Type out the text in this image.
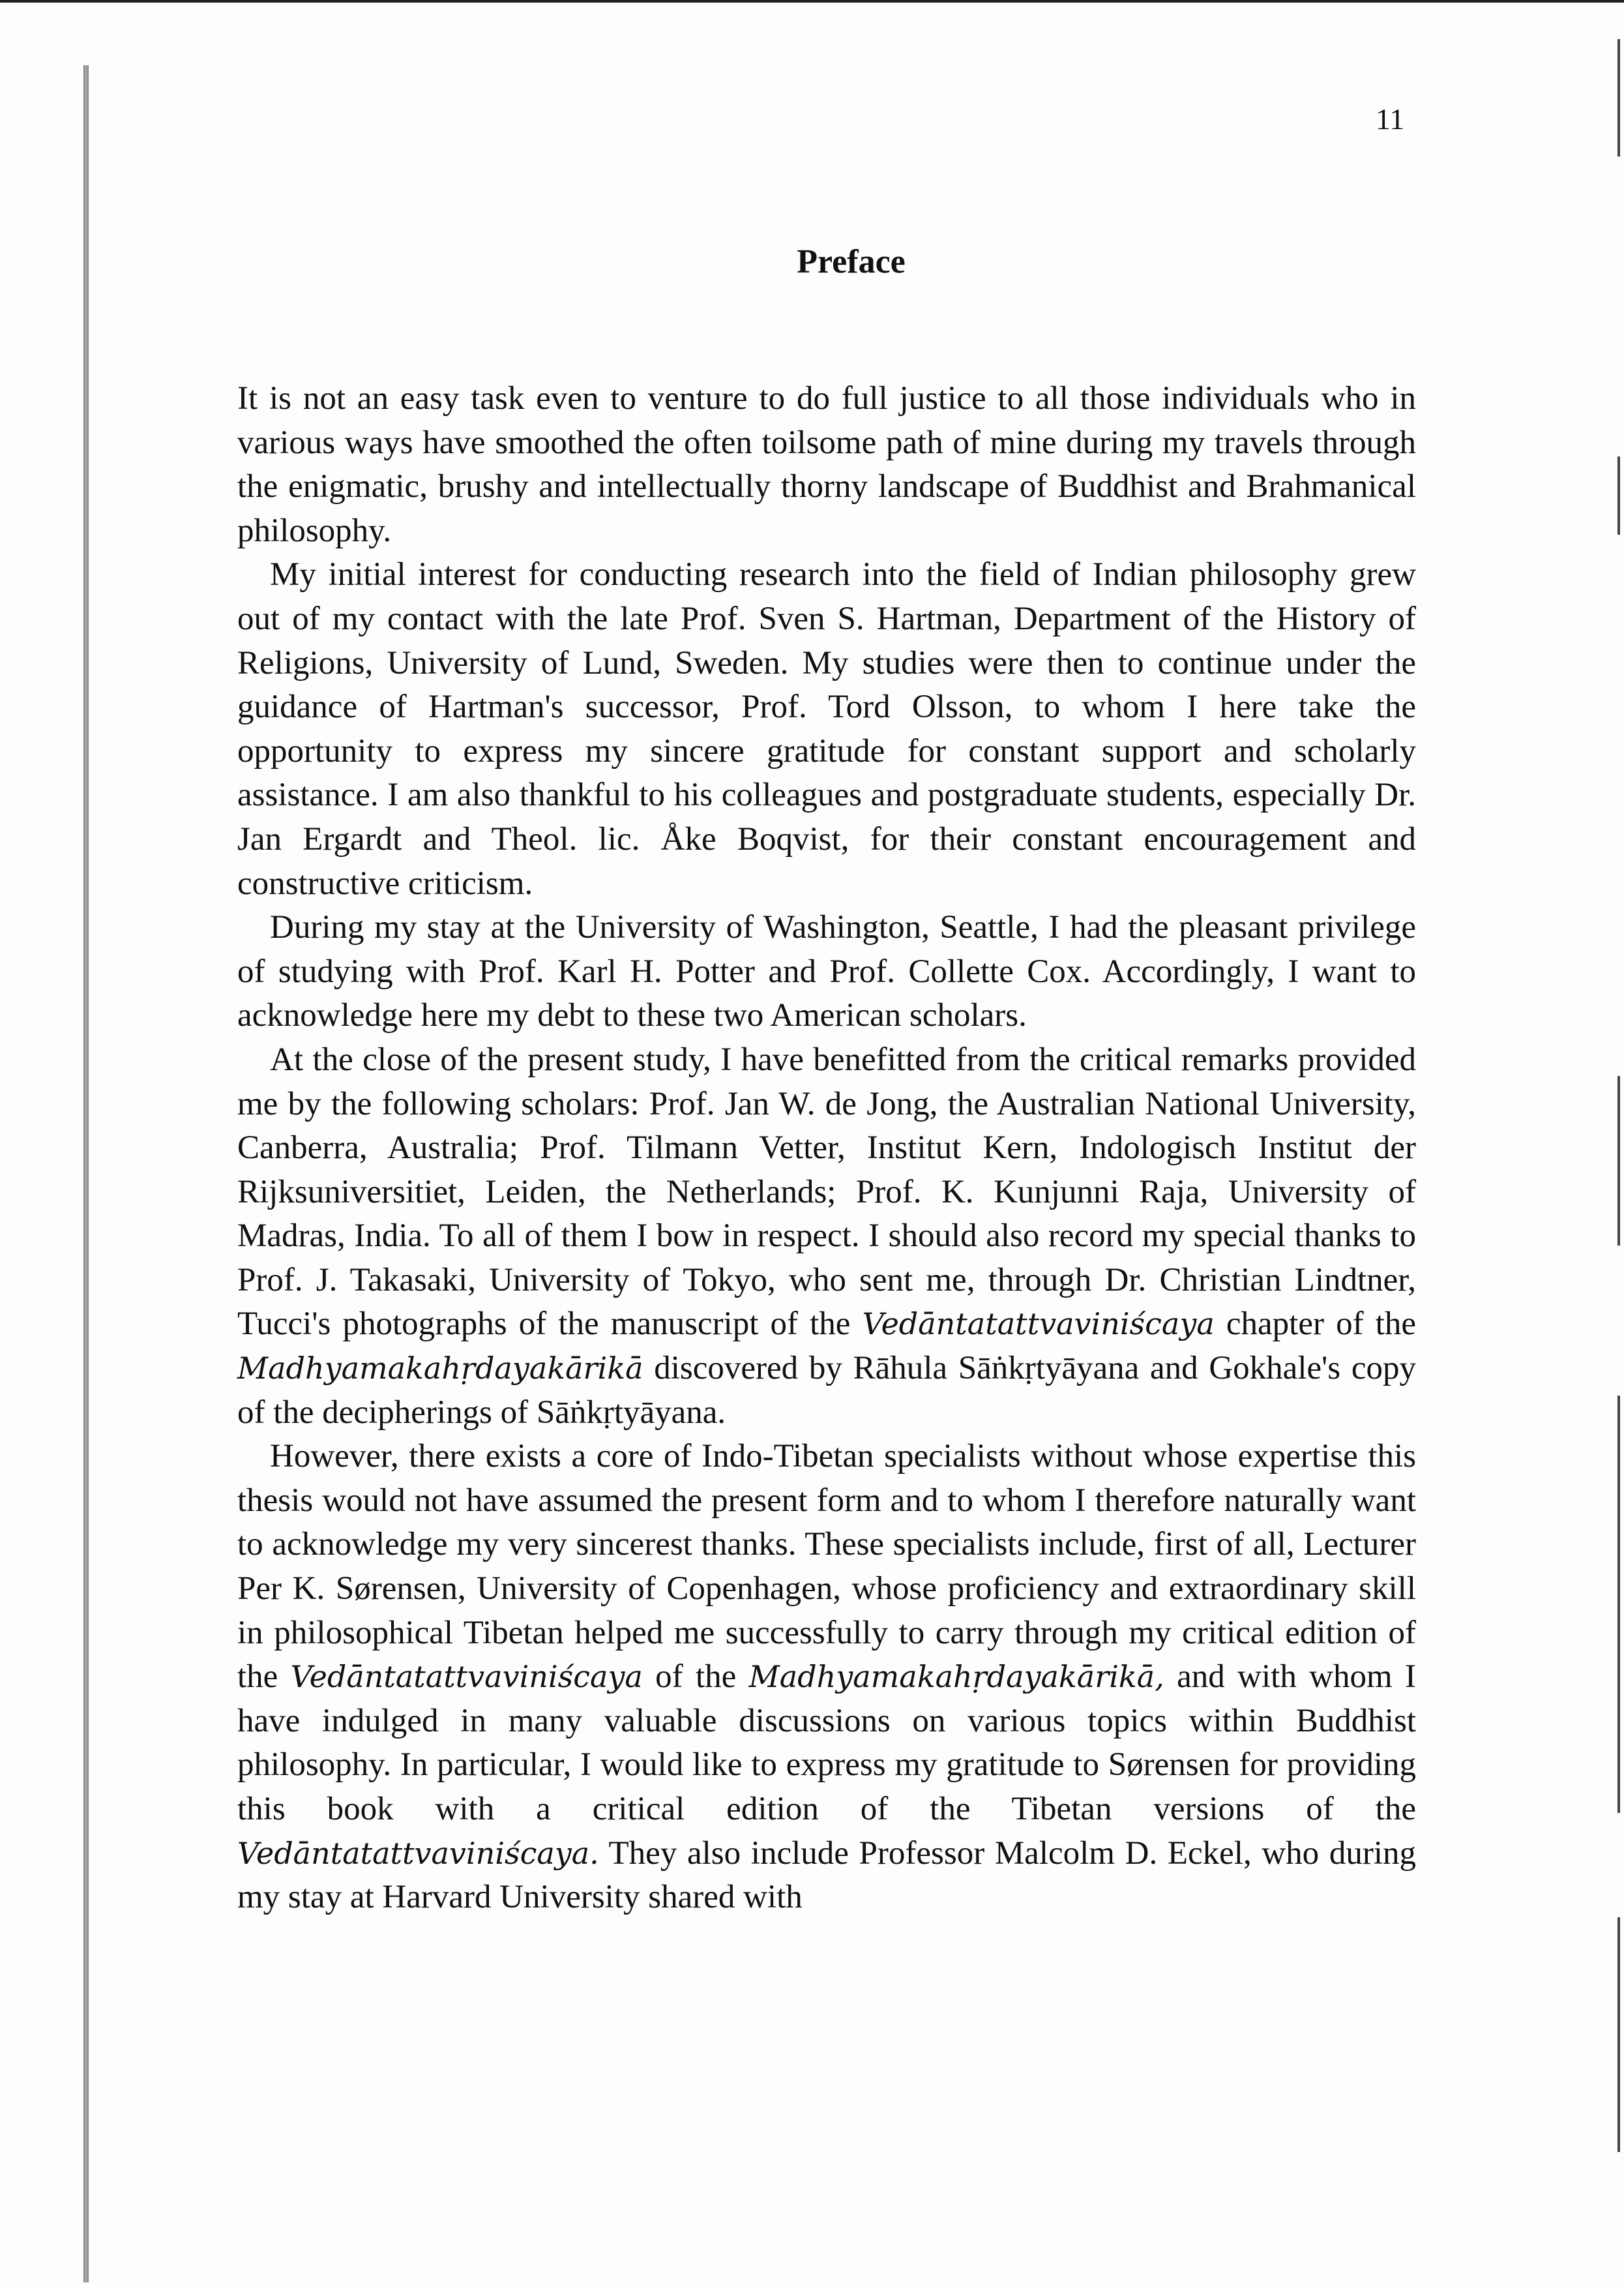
11
Preface

It is not an easy task even to venture to do full justice to all those individuals who in various ways have smoothed the often toilsome path of mine during my travels through the enigmatic, brushy and intellectually thorny landscape of Buddhist and Brahmanical philosophy.

My initial interest for conducting research into the field of Indian philosophy grew out of my contact with the late Prof. Sven S. Hartman, Department of the History of Religions, University of Lund, Sweden. My studies were then to continue under the guidance of Hartman's successor, Prof. Tord Olsson, to whom I here take the opportunity to express my sincere gratitude for constant support and scholarly assistance. I am also thankful to his colleagues and postgraduate students, especially Dr. Jan Ergardt and Theol. lic. Åke Boqvist, for their constant encouragement and constructive criticism.

During my stay at the University of Washington, Seattle, I had the pleasant privilege of studying with Prof. Karl H. Potter and Prof. Collette Cox. Accordingly, I want to acknowledge here my debt to these two American scholars.

At the close of the present study, I have benefitted from the critical remarks provided me by the following scholars: Prof. Jan W. de Jong, the Australian National University, Canberra, Australia; Prof. Tilmann Vetter, Institut Kern, Indologisch Institut der Rijksuniversitiet, Leiden, the Netherlands; Prof. K. Kunjunni Raja, University of Madras, India. To all of them I bow in respect. I should also record my special thanks to Prof. J. Takasaki, University of Tokyo, who sent me, through Dr. Christian Lindtner, Tucci's photographs of the manuscript of the Vedāntatattvaviniścaya chapter of the Madhyamakahṛdayakārikā discovered by Rāhula Sāṅkṛtyāyana and Gokhale's copy of the decipherings of Sāṅkṛtyāyana.

However, there exists a core of Indo-Tibetan specialists without whose expertise this thesis would not have assumed the present form and to whom I therefore naturally want to acknowledge my very sincerest thanks. These specialists include, first of all, Lecturer Per K. Sørensen, University of Copenhagen, whose proficiency and extraordinary skill in philosophical Tibetan helped me successfully to carry through my critical edition of the Vedāntatattvaviniścaya of the Madhyamakahṛdayakārikā, and with whom I have indulged in many valuable discussions on various topics within Buddhist philosophy. In particular, I would like to express my gratitude to Sørensen for providing this book with a critical edition of the Tibetan versions of the Vedāntatattvaviniścaya. They also include Professor Malcolm D. Eckel, who during my stay at Harvard University shared with
